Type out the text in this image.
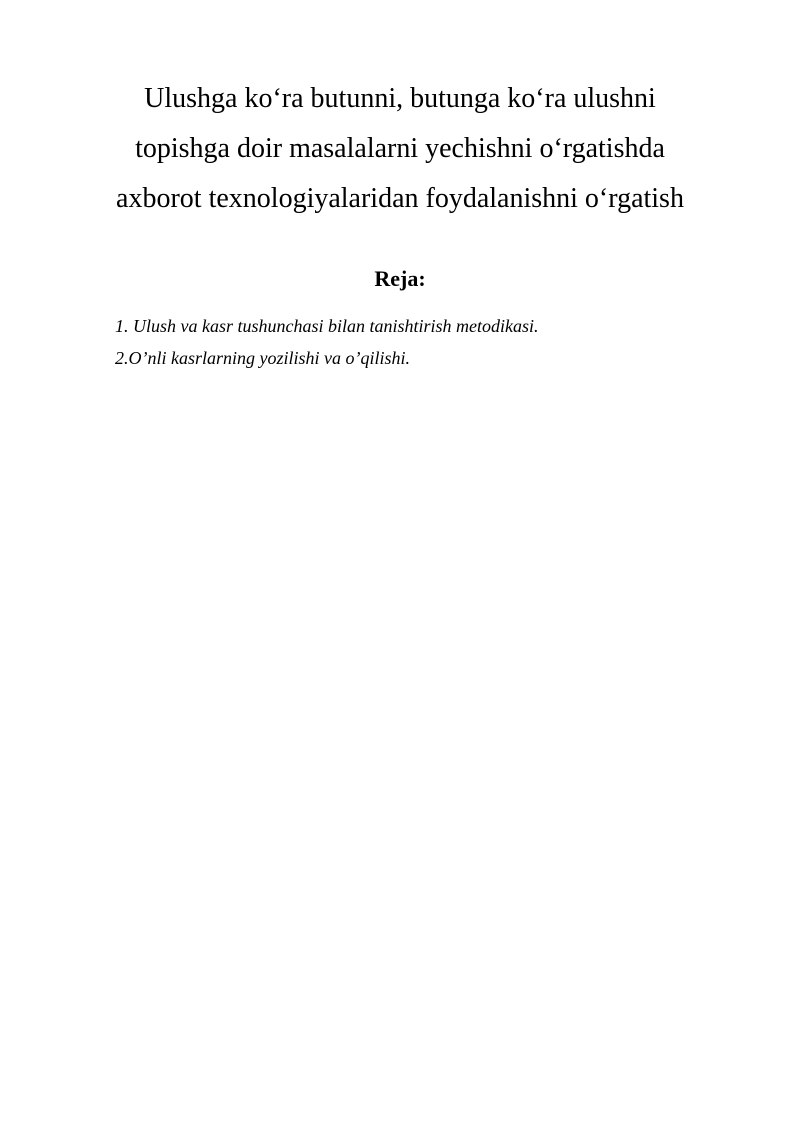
Ulushga ko‘ra butunni, butunga ko‘ra ulushni
topishga doir masalalarni yechishni o‘rgatishda
axborot texnologiyalaridan foydalanishni o‘rgatish
Reja:
1. Ulush va kasr tushunchasi bilan tanishtirish metodikasi.
2.O’nli kasrlarning yozilishi va o’qilishi.
